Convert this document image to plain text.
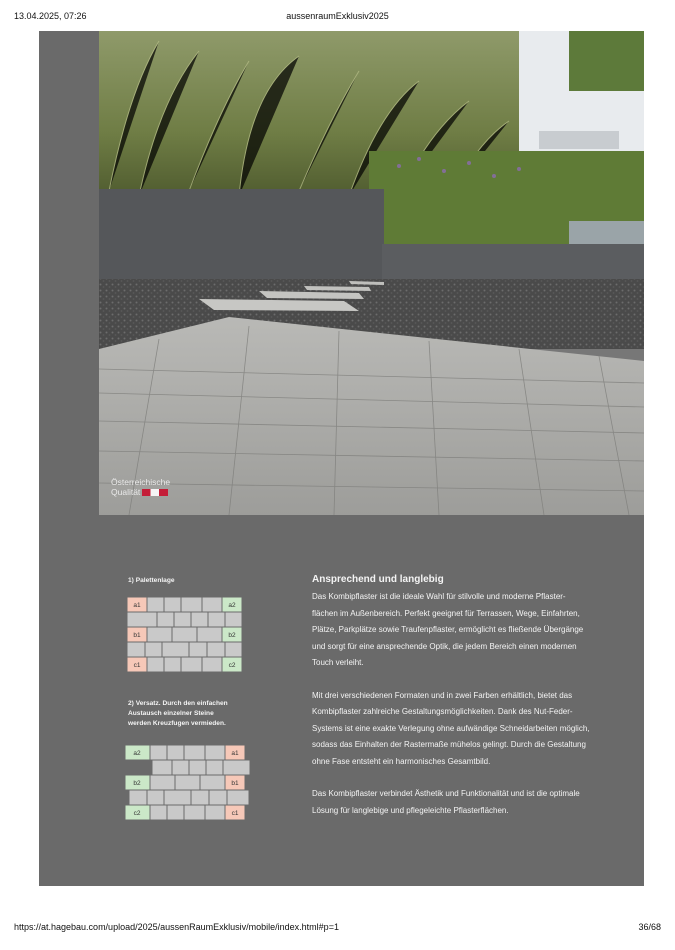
13.04.2025, 07:26	aussenraumExklusiv2025
Österreichische
Qualität
1) Palettenlage
a1	a2
b1	b2
c1	c2
2) Versatz. Durch den einfachen
Austausch einzelner Steine
werden Kreuzfugen vermieden.
a2	a1
b2	b1
c2	c1
Ansprechend und langlebig
Das Kombipflaster ist die ideale Wahl für stilvolle und moderne Pflaster-
flächen im Außenbereich. Perfekt geeignet für Terrassen, Wege, Einfahrten,
Plätze, Parkplätze sowie Traufenpflaster, ermöglicht es fließende Übergänge
und sorgt für eine ansprechende Optik, die jedem Bereich einen modernen
Touch verleiht.
Mit drei verschiedenen Formaten und in zwei Farben erhältlich, bietet das
Kombipflaster zahlreiche Gestaltungsmöglichkeiten. Dank des Nut-Feder-
Systems ist eine exakte Verlegung ohne aufwändige Schneidarbeiten möglich,
sodass das Einhalten der Rastermaße mühelos gelingt. Durch die Gestaltung
ohne Fase entsteht ein harmonisches Gesamtbild.
Das Kombipflaster verbindet Ästhetik und Funktionalität und ist die optimale
Lösung für langlebige und pflegeleichte Pflasterflächen.
https://at.hagebau.com/upload/2025/aussenRaumExklusiv/mobile/index.html#p=1	36/68
